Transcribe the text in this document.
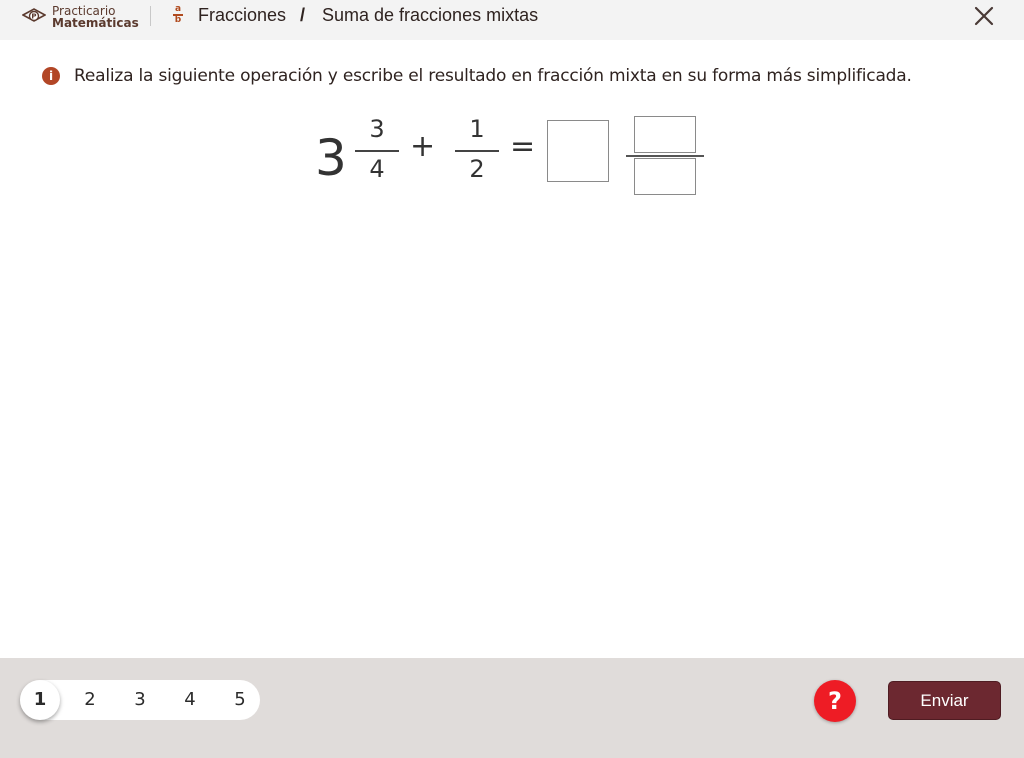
P Practicario
Matemáticas
a
b Fracciones / Suma de fracciones mixtas
i	Realiza la siguiente operación y escribe el resultado en fracción mixta en su forma más simplificada.
3 3
4
+	1
2
=
1	2	3	4	5	?	Enviar
